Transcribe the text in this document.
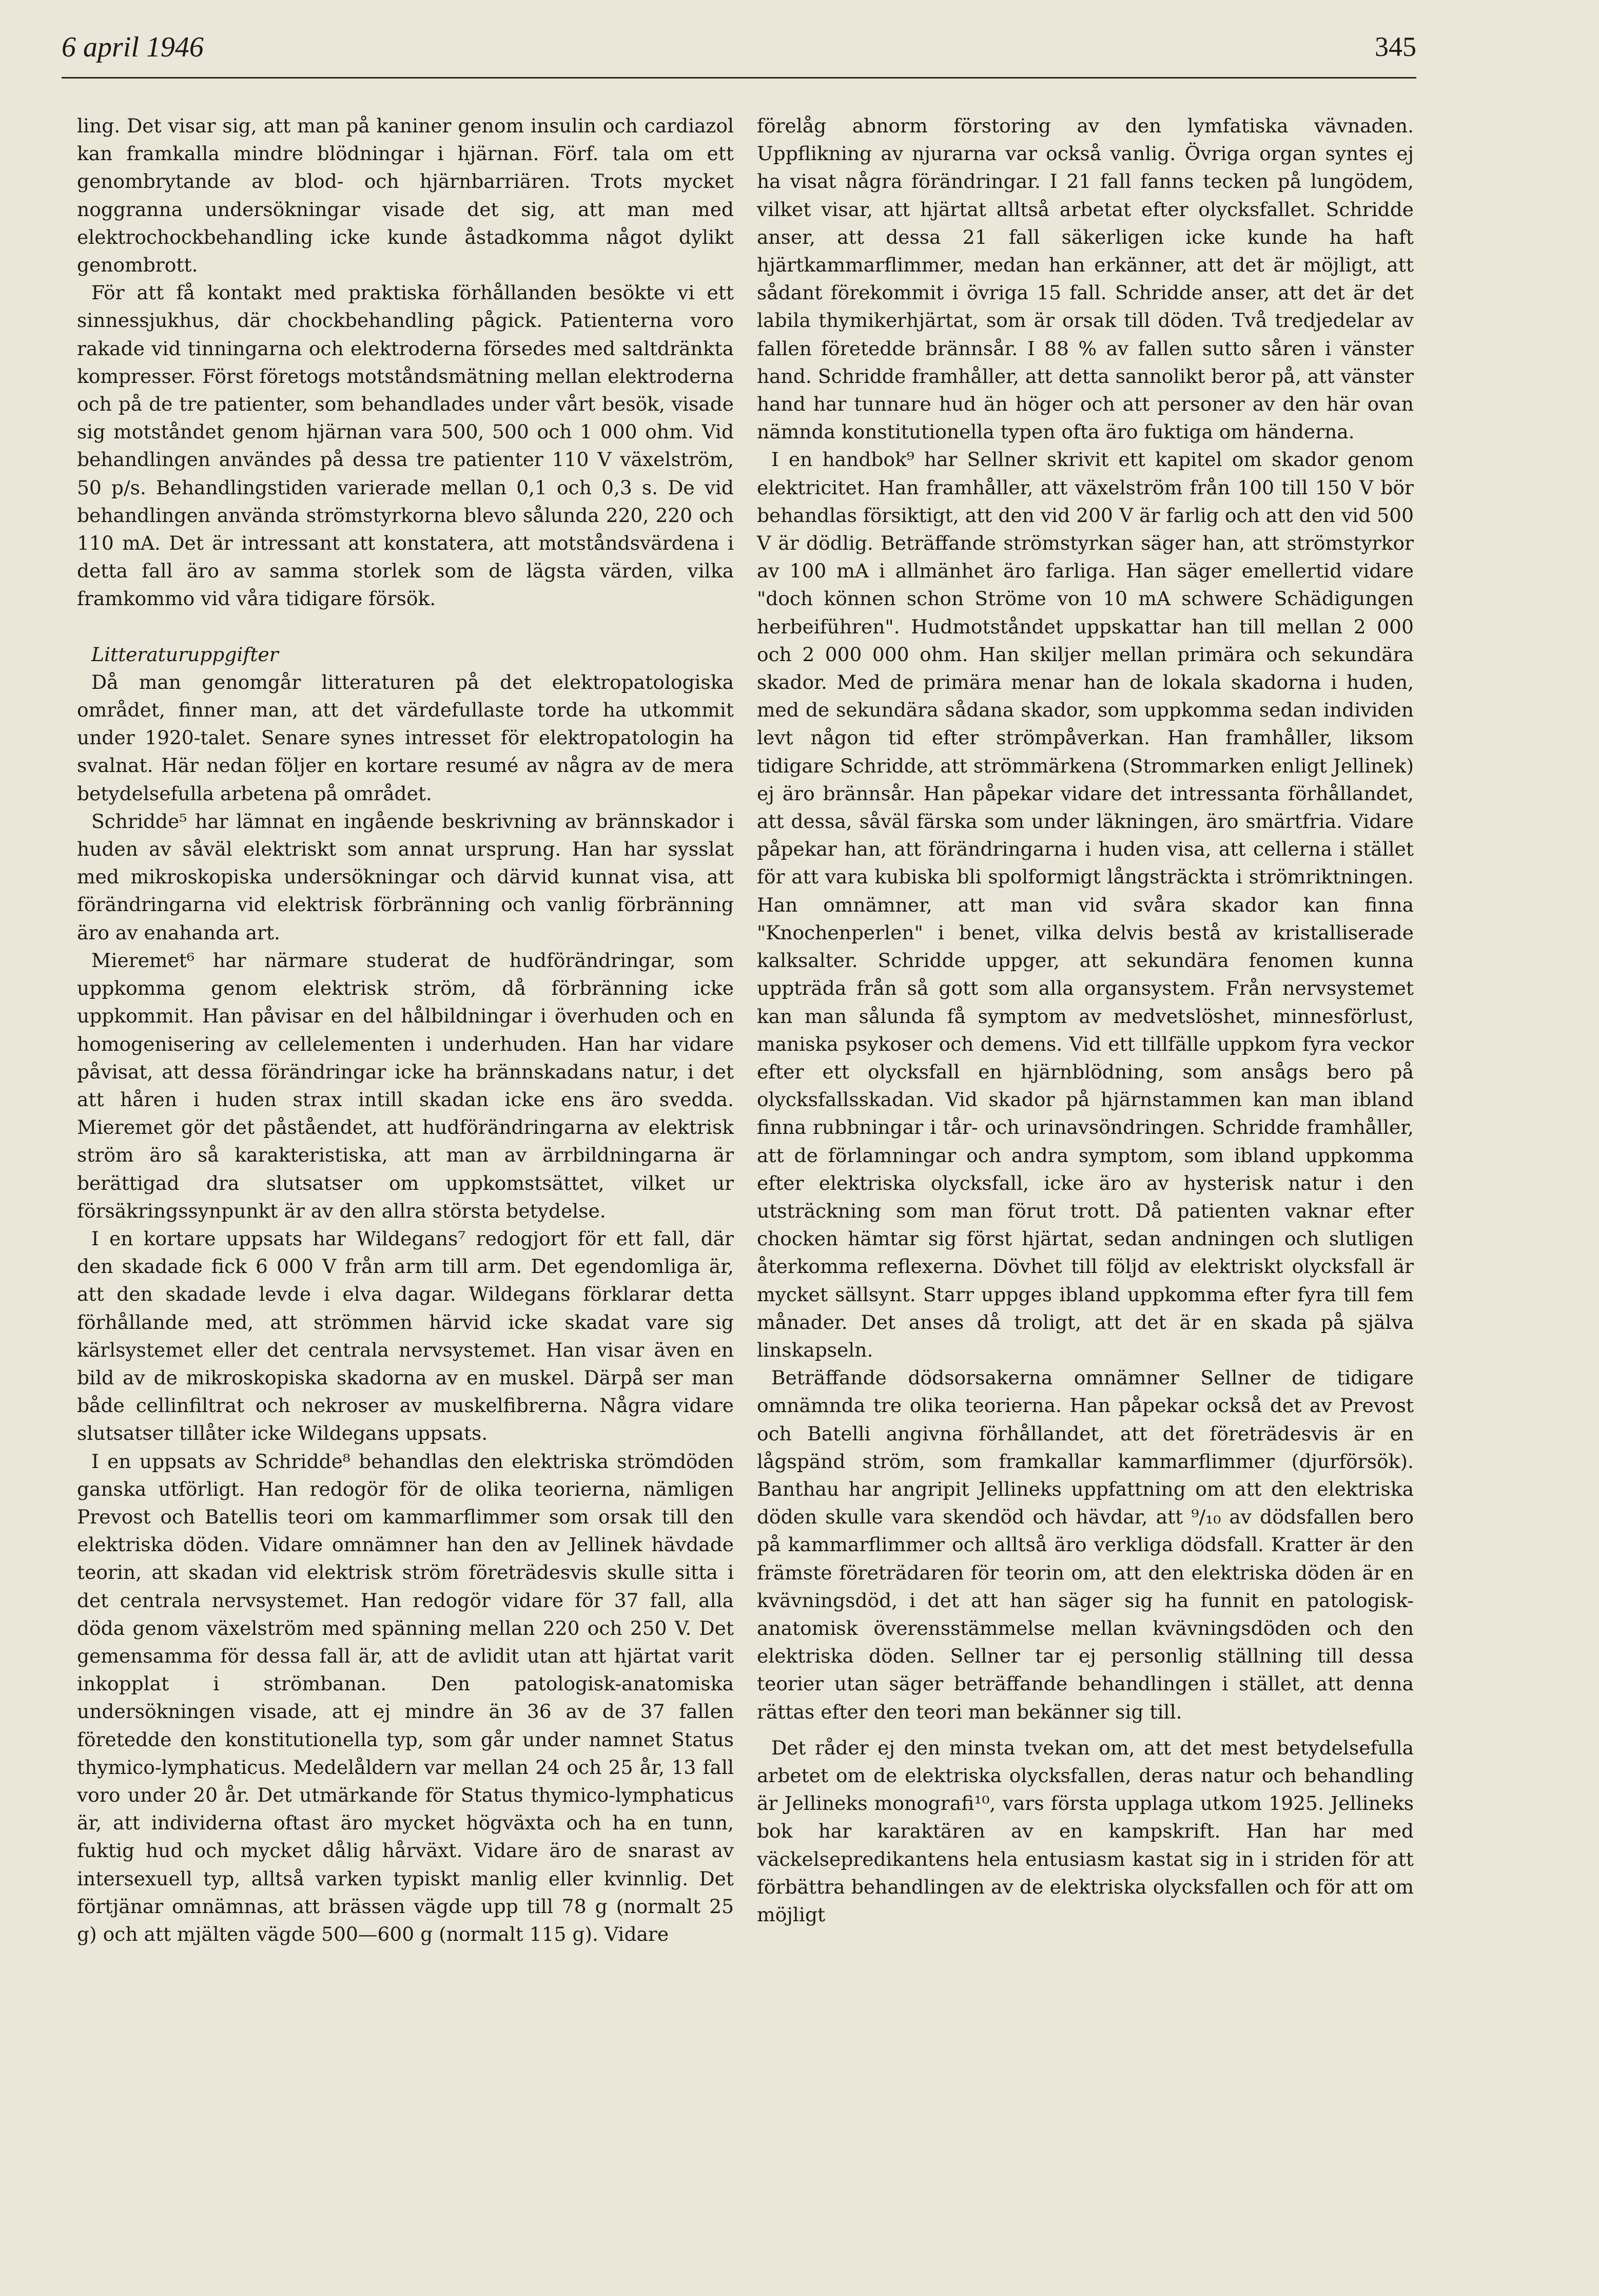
6 april 1946	345

ling. Det visar sig, att man på kaniner genom insulin och cardiazol kan framkalla mindre blödningar i hjärnan. Förf. tala om ett genombrytande av blod- och hjärnbarriären. Trots mycket noggranna undersökningar visade det sig, att man med elektrochockbehandling icke kunde åstadkomma något dylikt genombrott.

För att få kontakt med praktiska förhållanden besökte vi ett sinnessjukhus, där chockbehandling pågick. Patienterna voro rakade vid tinningarna och elektroderna försedes med saltdränkta kompresser. Först företogs motståndsmätning mellan elektroderna och på de tre patienter, som behandlades under vårt besök, visade sig motståndet genom hjärnan vara 500, 500 och 1 000 ohm. Vid behandlingen användes på dessa tre patienter 110 V växelström, 50 p/s. Behandlingstiden varierade mellan 0,1 och 0,3 s. De vid behandlingen använda strömstyrkorna blevo sålunda 220, 220 och 110 mA. Det är intressant att konstatera, att motståndsvärdena i detta fall äro av samma storlek som de lägsta värden, vilka framkommo vid våra tidigare försök.

Litteraturuppgifter

Då man genomgår litteraturen på det elektropatologiska området, finner man, att det värdefullaste torde ha utkommit under 1920-talet. Senare synes intresset för elektropatologin ha svalnat. Här nedan följer en kortare resumé av några av de mera betydelsefulla arbetena på området.

Schridde⁵ har lämnat en ingående beskrivning av brännskador i huden av såväl elektriskt som annat ursprung. Han har sysslat med mikroskopiska undersökningar och därvid kunnat visa, att förändringarna vid elektrisk förbränning och vanlig förbränning äro av enahanda art.

Mieremet⁶ har närmare studerat de hudförändringar, som uppkomma genom elektrisk ström, då förbränning icke uppkommit. Han påvisar en del hålbildningar i överhuden och en homogenisering av cellelementen i underhuden. Han har vidare påvisat, att dessa förändringar icke ha brännskadans natur, i det att håren i huden strax intill skadan icke ens äro svedda. Mieremet gör det påståendet, att hudförändringarna av elektrisk ström äro så karakteristiska, att man av ärrbildningarna är berättigad dra slutsatser om uppkomstsättet, vilket ur försäkringssynpunkt är av den allra största betydelse.

I en kortare uppsats har Wildegans⁷ redogjort för ett fall, där den skadade fick 6 000 V från arm till arm. Det egendomliga är, att den skadade levde i elva dagar. Wildegans förklarar detta förhållande med, att strömmen härvid icke skadat vare sig kärlsystemet eller det centrala nervsystemet. Han visar även en bild av de mikroskopiska skadorna av en muskel. Därpå ser man både cellinfiltrat och nekroser av muskelfibrerna. Några vidare slutsatser tillåter icke Wildegans uppsats.

I en uppsats av Schridde⁸ behandlas den elektriska strömdöden ganska utförligt. Han redogör för de olika teorierna, nämligen Prevost och Batellis teori om kammarflimmer som orsak till den elektriska döden. Vidare omnämner han den av Jellinek hävdade teorin, att skadan vid elektrisk ström företrädesvis skulle sitta i det centrala nervsystemet. Han redogör vidare för 37 fall, alla döda genom växelström med spänning mellan 220 och 250 V. Det gemensamma för dessa fall är, att de avlidit utan att hjärtat varit inkopplat i strömbanan. Den patologisk-anatomiska undersökningen visade, att ej mindre än 36 av de 37 fallen företedde den konstitutionella typ, som går under namnet Status thymico-lymphaticus. Medelåldern var mellan 24 och 25 år, 13 fall voro under 20 år. Det utmärkande för Status thymico-lymphaticus är, att individerna oftast äro mycket högväxta och ha en tunn, fuktig hud och mycket dålig hårväxt. Vidare äro de snarast av intersexuell typ, alltså varken typiskt manlig eller kvinnlig. Det förtjänar omnämnas, att brässen vägde upp till 78 g (normalt 25 g) och att mjälten vägde 500—600 g (normalt 115 g). Vidare

förelåg abnorm förstoring av den lymfatiska vävnaden. Uppflikning av njurarna var också vanlig. Övriga organ syntes ej ha visat några förändringar. I 21 fall fanns tecken på lungödem, vilket visar, att hjärtat alltså arbetat efter olycksfallet. Schridde anser, att dessa 21 fall säkerligen icke kunde ha haft hjärtkammarflimmer, medan han erkänner, att det är möjligt, att sådant förekommit i övriga 15 fall. Schridde anser, att det är det labila thymikerhjärtat, som är orsak till döden. Två tredjedelar av fallen företedde brännsår. I 88 % av fallen sutto såren i vänster hand. Schridde framhåller, att detta sannolikt beror på, att vänster hand har tunnare hud än höger och att personer av den här ovan nämnda konstitutionella typen ofta äro fuktiga om händerna.

I en handbok⁹ har Sellner skrivit ett kapitel om skador genom elektricitet. Han framhåller, att växelström från 100 till 150 V bör behandlas försiktigt, att den vid 200 V är farlig och att den vid 500 V är dödlig. Beträffande strömstyrkan säger han, att strömstyrkor av 100 mA i allmänhet äro farliga. Han säger emellertid vidare "doch können schon Ströme von 10 mA schwere Schädigungen herbeiführen". Hudmotståndet uppskattar han till mellan 2 000 och 2 000 000 ohm. Han skiljer mellan primära och sekundära skador. Med de primära menar han de lokala skadorna i huden, med de sekundära sådana skador, som uppkomma sedan individen levt någon tid efter strömpåverkan. Han framhåller, liksom tidigare Schridde, att strömmärkena (Strommarken enligt Jellinek) ej äro brännsår. Han påpekar vidare det intressanta förhållandet, att dessa, såväl färska som under läkningen, äro smärtfria. Vidare påpekar han, att förändringarna i huden visa, att cellerna i stället för att vara kubiska bli spolformigt långsträckta i strömriktningen. Han omnämner, att man vid svåra skador kan finna "Knochenperlen" i benet, vilka delvis bestå av kristalliserade kalksalter. Schridde uppger, att sekundära fenomen kunna uppträda från så gott som alla organsystem. Från nervsystemet kan man sålunda få symptom av medvetslöshet, minnesförlust, maniska psykoser och demens. Vid ett tillfälle uppkom fyra veckor efter ett olycksfall en hjärnblödning, som ansågs bero på olycksfallsskadan. Vid skador på hjärnstammen kan man ibland finna rubbningar i tår- och urinavsöndringen. Schridde framhåller, att de förlamningar och andra symptom, som ibland uppkomma efter elektriska olycksfall, icke äro av hysterisk natur i den utsträckning som man förut trott. Då patienten vaknar efter chocken hämtar sig först hjärtat, sedan andningen och slutligen återkomma reflexerna. Dövhet till följd av elektriskt olycksfall är mycket sällsynt. Starr uppges ibland uppkomma efter fyra till fem månader. Det anses då troligt, att det är en skada på själva linskapseln.

Beträffande dödsorsakerna omnämner Sellner de tidigare omnämnda tre olika teorierna. Han påpekar också det av Prevost och Batelli angivna förhållandet, att det företrädesvis är en lågspänd ström, som framkallar kammarflimmer (djurförsök). Banthau har angripit Jellineks uppfattning om att den elektriska döden skulle vara skendöd och hävdar, att ⁹/₁₀ av dödsfallen bero på kammarflimmer och alltså äro verkliga dödsfall. Kratter är den främste företrädaren för teorin om, att den elektriska döden är en kvävningsdöd, i det att han säger sig ha funnit en patologisk-anatomisk överensstämmelse mellan kvävningsdöden och den elektriska döden. Sellner tar ej personlig ställning till dessa teorier utan säger beträffande behandlingen i stället, att denna rättas efter den teori man bekänner sig till.

Det råder ej den minsta tvekan om, att det mest betydelsefulla arbetet om de elektriska olycksfallen, deras natur och behandling är Jellineks monografi¹⁰, vars första upplaga utkom 1925. Jellineks bok har karaktären av en kampskrift. Han har med väckelsepredikantens hela entusiasm kastat sig in i striden för att förbättra behandlingen av de elektriska olycksfallen och för att om möjligt
